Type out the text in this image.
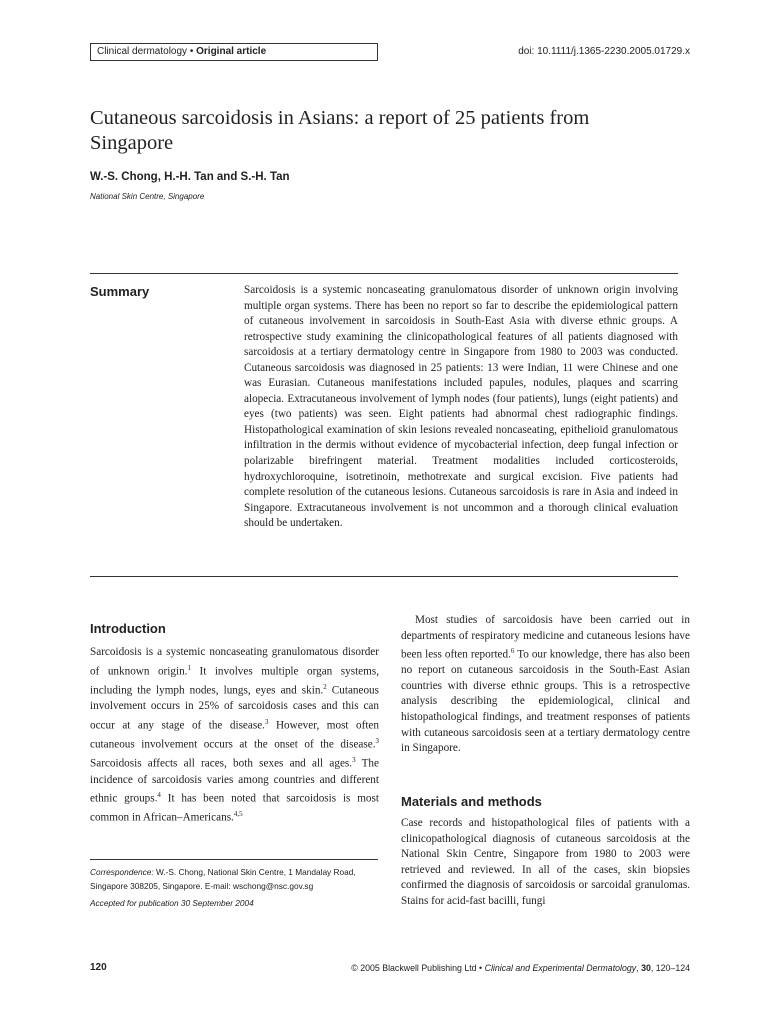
Clinical dermatology • Original article	doi: 10.1111/j.1365-2230.2005.01729.x
Cutaneous sarcoidosis in Asians: a report of 25 patients from Singapore
W.-S. Chong, H.-H. Tan and S.-H. Tan
National Skin Centre, Singapore
Summary	Sarcoidosis is a systemic noncaseating granulomatous disorder of unknown origin involving multiple organ systems. There has been no report so far to describe the epidemiological pattern of cutaneous involvement in sarcoidosis in South-East Asia with diverse ethnic groups. A retrospective study examining the clinicopathological features of all patients diagnosed with sarcoidosis at a tertiary dermatology centre in Singapore from 1980 to 2003 was conducted. Cutaneous sarcoidosis was diagnosed in 25 patients: 13 were Indian, 11 were Chinese and one was Eurasian. Cutaneous manifestations included papules, nodules, plaques and scarring alopecia. Extracutaneous involvement of lymph nodes (four patients), lungs (eight patients) and eyes (two patients) was seen. Eight patients had abnormal chest radiographic findings. Histopathological examination of skin lesions revealed noncaseating, epithelioid granulomatous infiltration in the dermis without evidence of mycobacterial infection, deep fungal infection or polarizable birefringent material. Treatment modalities included corticosteroids, hydroxychloroquine, isotretinoin, methotrexate and surgical excision. Five patients had complete resolution of the cutaneous lesions. Cutaneous sarcoidosis is rare in Asia and indeed in Singapore. Extracutaneous involvement is not uncommon and a thorough clinical evaluation should be undertaken.
Introduction
Sarcoidosis is a systemic noncaseating granulomatous disorder of unknown origin.$^1$ It involves multiple organ systems, including the lymph nodes, lungs, eyes and skin.$^2$ Cutaneous involvement occurs in 25% of sarcoidosis cases and this can occur at any stage of the disease.$^3$ However, most often cutaneous involvement occurs at the onset of the disease.$^3$ Sarcoidosis affects all races, both sexes and all ages.$^3$ The incidence of sarcoidosis varies among countries and different ethnic groups.$^4$ It has been noted that sarcoidosis is most common in African–Americans.$^{4,5}$
Correspondence: W.-S. Chong, National Skin Centre, 1 Mandalay Road, Singapore 308205, Singapore. E-mail: wschong@nsc.gov.sg
Accepted for publication 30 September 2004
Most studies of sarcoidosis have been carried out in departments of respiratory medicine and cutaneous lesions have been less often reported.$^6$ To our knowledge, there has also been no report on cutaneous sarcoidosis in the South-East Asian countries with diverse ethnic groups. This is a retrospective analysis describing the epidemiological, clinical and histopathological findings, and treatment responses of patients with cutaneous sarcoidosis seen at a tertiary dermatology centre in Singapore.
Materials and methods
Case records and histopathological files of patients with a clinicopathological diagnosis of cutaneous sarcoidosis at the National Skin Centre, Singapore from 1980 to 2003 were retrieved and reviewed. In all of the cases, skin biopsies confirmed the diagnosis of sarcoidosis or sarcoidal granulomas. Stains for acid-fast bacilli, fungi
120	© 2005 Blackwell Publishing Ltd • Clinical and Experimental Dermatology, 30, 120–124
